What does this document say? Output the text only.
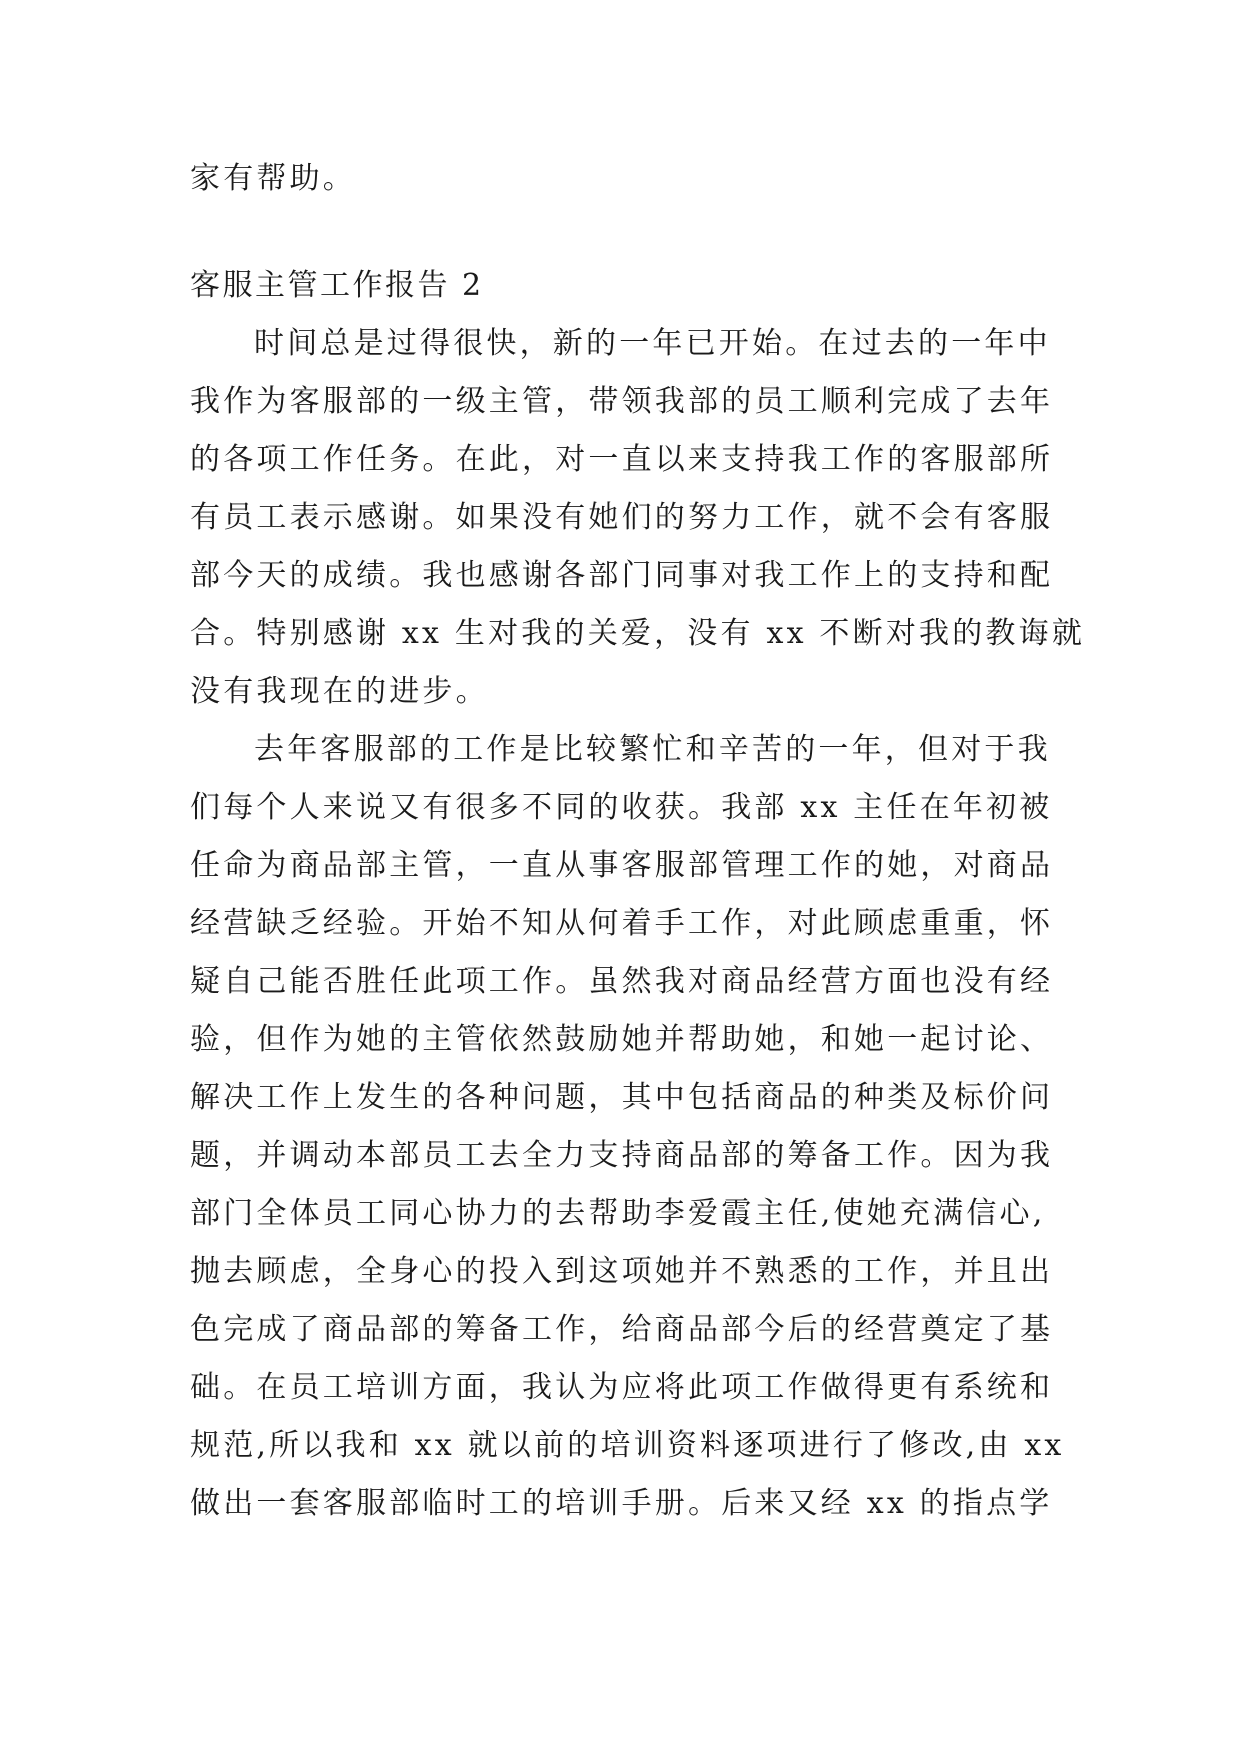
家有帮助。
客服主管工作报告 2
时间总是过得很快，新的一年已开始。在过去的一年中
我作为客服部的一级主管，带领我部的员工顺利完成了去年
的各项工作任务。在此，对一直以来支持我工作的客服部所
有员工表示感谢。如果没有她们的努力工作，就不会有客服
部今天的成绩。我也感谢各部门同事对我工作上的支持和配
合。特别感谢 xx 生对我的关爱，没有 xx 不断对我的教诲就
没有我现在的进步。
去年客服部的工作是比较繁忙和辛苦的一年，但对于我
们每个人来说又有很多不同的收获。我部 xx 主任在年初被
任命为商品部主管，一直从事客服部管理工作的她，对商品
经营缺乏经验。开始不知从何着手工作，对此顾虑重重，怀
疑自己能否胜任此项工作。虽然我对商品经营方面也没有经
验，但作为她的主管依然鼓励她并帮助她，和她一起讨论、
解决工作上发生的各种问题，其中包括商品的种类及标价问
题，并调动本部员工去全力支持商品部的筹备工作。因为我
部门全体员工同心协力的去帮助李爱霞主任,使她充满信心,
抛去顾虑，全身心的投入到这项她并不熟悉的工作，并且出
色完成了商品部的筹备工作，给商品部今后的经营奠定了基
础。在员工培训方面，我认为应将此项工作做得更有系统和
规范,所以我和 xx 就以前的培训资料逐项进行了修改,由 xx
做出一套客服部临时工的培训手册。后来又经 xx 的指点学
